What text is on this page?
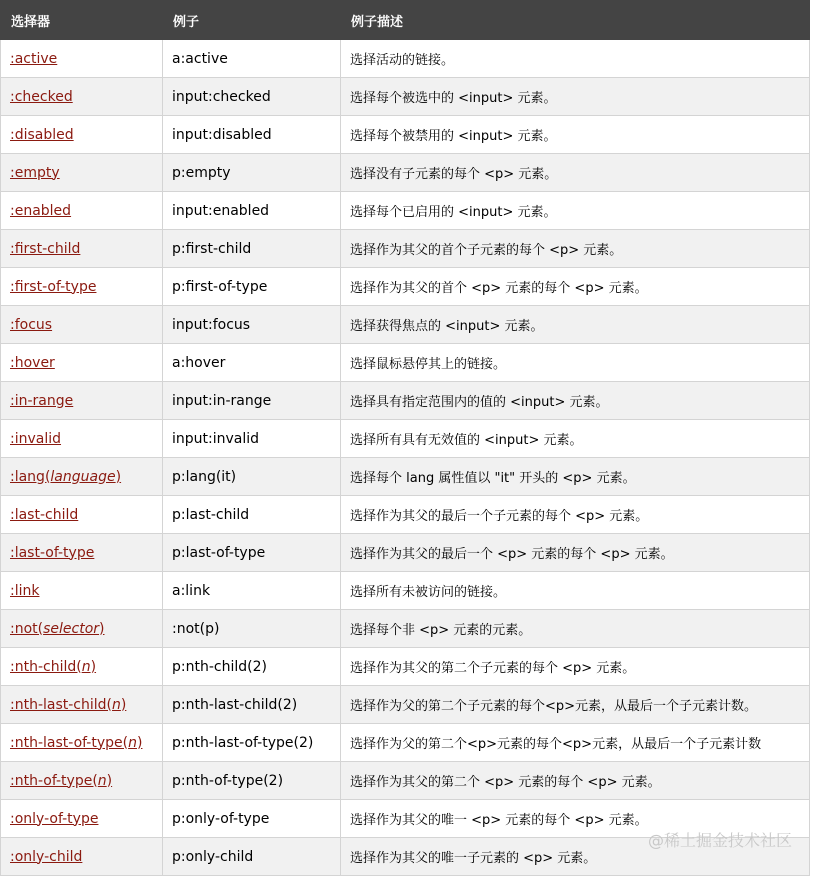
选择器	例子	例子描述
:active	a:active	选择活动的链接。
:checked	input:checked	选择每个被选中的 <input> 元素。
:disabled	input:disabled	选择每个被禁用的 <input> 元素。
:empty	p:empty	选择没有子元素的每个 <p> 元素。
:enabled	input:enabled	选择每个已启用的 <input> 元素。
:first-child	p:first-child	选择作为其父的首个子元素的每个 <p> 元素。
:first-of-type	p:first-of-type	选择作为其父的首个 <p> 元素的每个 <p> 元素。
:focus	input:focus	选择获得焦点的 <input> 元素。
:hover	a:hover	选择鼠标悬停其上的链接。
:in-range	input:in-range	选择具有指定范围内的值的 <input> 元素。
:invalid	input:invalid	选择所有具有无效值的 <input> 元素。
:lang(language)	p:lang(it)	选择每个 lang 属性值以 "it" 开头的 <p> 元素。
:last-child	p:last-child	选择作为其父的最后一个子元素的每个 <p> 元素。
:last-of-type	p:last-of-type	选择作为其父的最后一个 <p> 元素的每个 <p> 元素。
:link	a:link	选择所有未被访问的链接。
:not(selector)	:not(p)	选择每个非 <p> 元素的元素。
:nth-child(n)	p:nth-child(2)	选择作为其父的第二个子元素的每个 <p> 元素。
:nth-last-child(n)	p:nth-last-child(2)	选择作为父的第二个子元素的每个<p>元素，从最后一个子元素计数。
:nth-last-of-type(n)	p:nth-last-of-type(2)	选择作为父的第二个<p>元素的每个<p>元素，从最后一个子元素计数
:nth-of-type(n)	p:nth-of-type(2)	选择作为其父的第二个 <p> 元素的每个 <p> 元素。
:only-of-type	p:only-of-type	选择作为其父的唯一 <p> 元素的每个 <p> 元素。
:only-child	p:only-child	选择作为其父的唯一子元素的 <p> 元素。
@稀土掘金技术社区
